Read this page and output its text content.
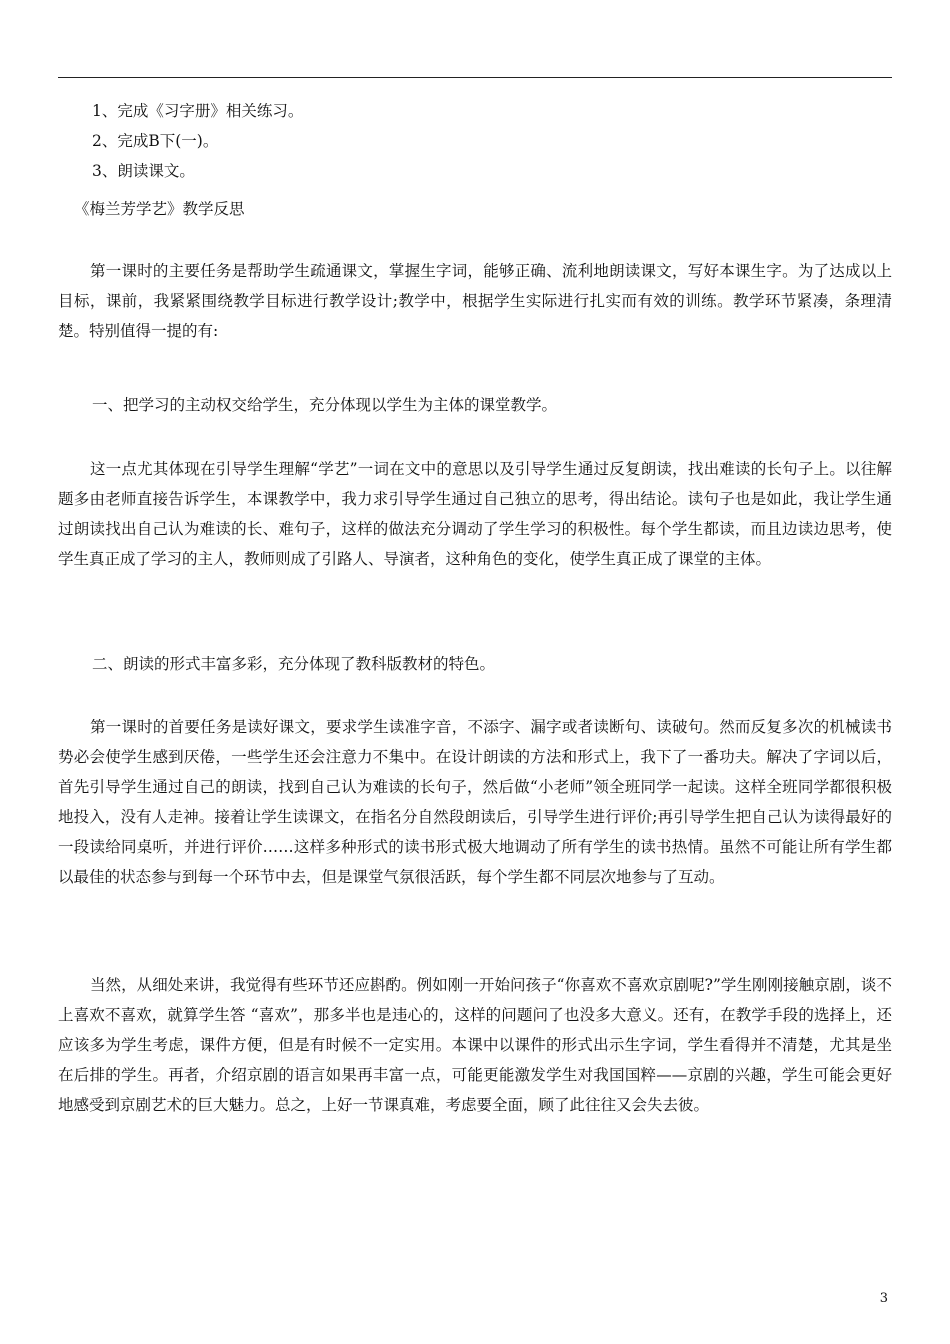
1、完成《习字册》相关练习。
2、完成B下(一)。
3、朗读课文。
《梅兰芳学艺》教学反思

第一课时的主要任务是帮助学生疏通课文，掌握生字词，能够正确、流利地朗读课文，写好本课生字。为了达成以上目标，课前，我紧紧围绕教学目标进行教学设计;教学中，根据学生实际进行扎实而有效的训练。教学环节紧凑，条理清楚。特别值得一提的有:

一、把学习的主动权交给学生，充分体现以学生为主体的课堂教学。

这一点尤其体现在引导学生理解“学艺”一词在文中的意思以及引导学生通过反复朗读，找出难读的长句子上。以往解题多由老师直接告诉学生，本课教学中，我力求引导学生通过自己独立的思考，得出结论。读句子也是如此，我让学生通过朗读找出自己认为难读的长、难句子，这样的做法充分调动了学生学习的积极性。每个学生都读，而且边读边思考，使学生真正成了学习的主人，教师则成了引路人、导演者，这种角色的变化，使学生真正成了课堂的主体。

二、朗读的形式丰富多彩，充分体现了教科版教材的特色。

第一课时的首要任务是读好课文，要求学生读准字音，不添字、漏字或者读断句、读破句。然而反复多次的机械读书势必会使学生感到厌倦，一些学生还会注意力不集中。在设计朗读的方法和形式上，我下了一番功夫。解决了字词以后，首先引导学生通过自己的朗读，找到自己认为难读的长句子，然后做“小老师”领全班同学一起读。这样全班同学都很积极地投入，没有人走神。接着让学生读课文，在指名分自然段朗读后，引导学生进行评价;再引导学生把自己认为读得最好的一段读给同桌听，并进行评价……这样多种形式的读书形式极大地调动了所有学生的读书热情。虽然不可能让所有学生都以最佳的状态参与到每一个环节中去，但是课堂气氛很活跃，每个学生都不同层次地参与了互动。

当然，从细处来讲，我觉得有些环节还应斟酌。例如刚一开始问孩子“你喜欢不喜欢京剧呢?”学生刚刚接触京剧，谈不上喜欢不喜欢，就算学生答 “喜欢”，那多半也是违心的，这样的问题问了也没多大意义。还有，在教学手段的选择上，还应该多为学生考虑，课件方便，但是有时候不一定实用。本课中以课件的形式出示生字词，学生看得并不清楚，尤其是坐在后排的学生。再者，介绍京剧的语言如果再丰富一点，可能更能激发学生对我国国粹——京剧的兴趣，学生可能会更好地感受到京剧艺术的巨大魅力。总之，上好一节课真难，考虑要全面，顾了此往往又会失去彼。

3
